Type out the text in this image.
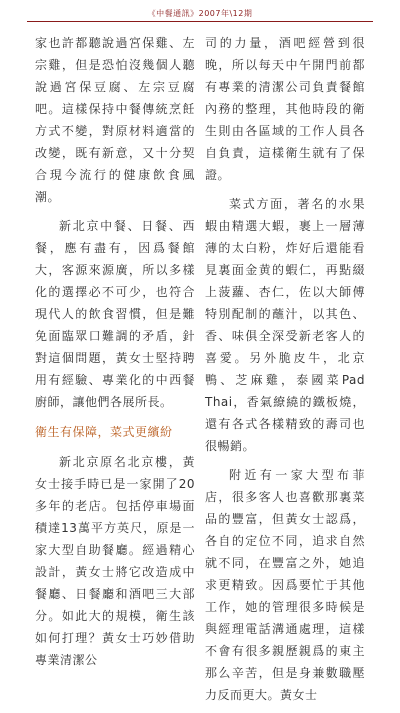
《中餐通訊》2007年\12期

家也許都聽說過宮保雞、左宗雞，但是恐怕沒幾個人聽說過宮保豆腐、左宗豆腐吧。這樣保持中餐傳統烹飪方式不變，對原材料適當的改變，既有新意，又十分契合現今流行的健康飲食風潮。

新北京中餐、日餐、西餐，應有盡有，因爲餐館大，客源來源廣，所以多樣化的選擇必不可少，也符合現代人的飲食習慣，但是難免面臨眾口難調的矛盾，針對這個問題，黃女士堅持聘用有經驗、專業化的中西餐廚師，讓他們各展所長。

衛生有保障，菜式更繽紛

新北京原名北京樓，黃女士接手時已是一家開了20多年的老店。包括停車場面積達13萬平方英尺，原是一家大型自助餐廳。經過精心設計，黃女士將它改造成中餐廳、日餐廳和酒吧三大部分。如此大的規模，衛生該如何打理？黃女士巧妙借助專業清潔公

司的力量，酒吧經營到很晚，所以每天中午開門前都有專業的清潔公司負責餐館內務的整理，其他時段的衛生則由各區域的工作人員各自負責，這樣衛生就有了保證。

菜式方面，著名的水果蝦由精選大蝦，裹上一層薄薄的太白粉，炸好后還能看見裏面金黄的蝦仁，再點綴上菠蘿、杏仁，佐以大師傅特別配制的蘸汁，以其色、香、味俱全深受新老客人的喜愛。另外脆皮牛，北京鴨、芝麻雞，泰國菜Pad Thai，香氣繚繞的鐵板燒，還有各式各樣精致的壽司也很暢銷。

附近有一家大型布菲店，很多客人也喜歡那裏菜品的豐富，但黃女士認爲，各自的定位不同，追求自然就不同，在豐富之外，她追求更精致。因爲要忙于其他工作，她的管理很多時候是與經理電話溝通處理，這樣不會有很多親歷親爲的東主那么辛苦，但是身兼數職壓力反而更大。黃女士
